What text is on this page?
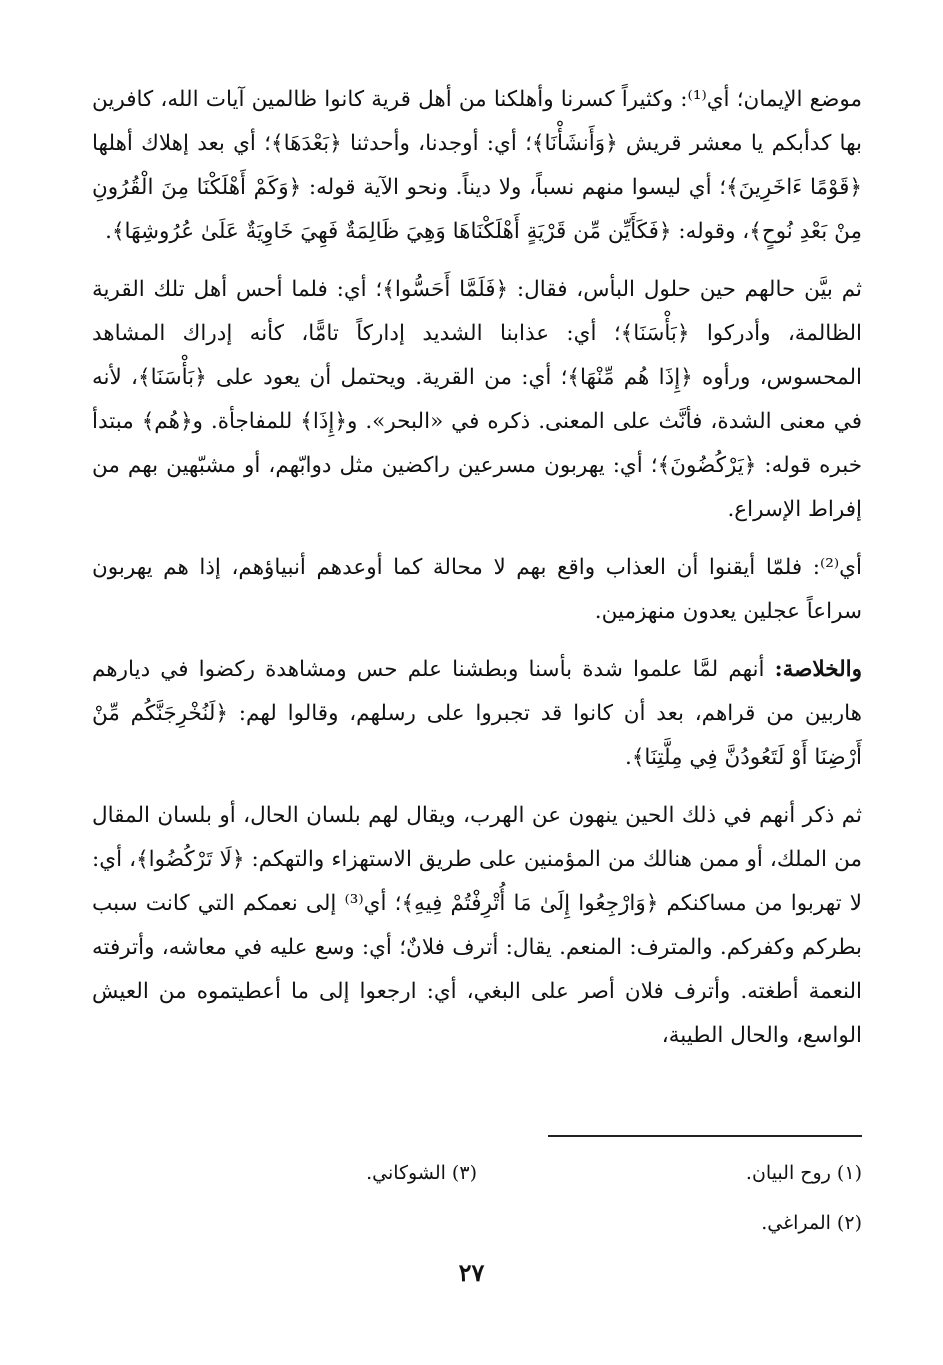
موضع الإيمان؛ أي⁽¹⁾: وكثيراً كسرنا وأهلكنا من أهل قرية كانوا ظالمين آيات الله، كافرين بها كدأبكم يا معشر قريش ﴿وَأَنشَأْنَا﴾؛ أي: أوجدنا، وأحدثنا ﴿بَعْدَهَا﴾؛ أي بعد إهلاك أهلها ﴿قَوْمًا ءَاخَرِينَ﴾؛ أي ليسوا منهم نسباً، ولا ديناً. ونحو الآية قوله: ﴿وَكَمْ أَهْلَكْنَا مِنَ الْقُرُونِ مِنْ بَعْدِ نُوحٍ﴾، وقوله: ﴿فَكَأَيِّن مِّن قَرْيَةٍ أَهْلَكْنَاهَا وَهِيَ ظَالِمَةٌ فَهِيَ خَاوِيَةٌ عَلَىٰ عُرُوشِهَا﴾.

ثم بيَّن حالهم حين حلول البأس، فقال: ﴿فَلَمَّا أَحَسُّوا﴾؛ أي: فلما أحس أهل تلك القرية الظالمة، وأدركوا ﴿بَأْسَنَا﴾؛ أي: عذابنا الشديد إداركاً تامًّا، كأنه إدراك المشاهد المحسوس، ورأوه ﴿إِذَا هُم مِّنْهَا﴾؛ أي: من القرية. ويحتمل أن يعود على ﴿بَأْسَنَا﴾، لأنه في معنى الشدة، فأنَّث على المعنى. ذكره في «البحر». و﴿إِذَا﴾ للمفاجأة. و﴿هُم﴾ مبتدأ خبره قوله: ﴿يَرْكُضُونَ﴾؛ أي: يهربون مسرعين راكضين مثل دوابّهم، أو مشبّهين بهم من إفراط الإسراع.

أي⁽²⁾: فلمّا أيقنوا أن العذاب واقع بهم لا محالة كما أوعدهم أنبياؤهم، إذا هم يهربون سراعاً عجلين يعدون منهزمين.

والخلاصة: أنهم لمَّا علموا شدة بأسنا وبطشنا علم حس ومشاهدة ركضوا في ديارهم هاربين من قراهم، بعد أن كانوا قد تجبروا على رسلهم، وقالوا لهم: ﴿لَنُخْرِجَنَّكُم مِّنْ أَرْضِنَا أَوْ لَتَعُودُنَّ فِي مِلَّتِنَا﴾.

ثم ذكر أنهم في ذلك الحين ينهون عن الهرب، ويقال لهم بلسان الحال، أو بلسان المقال من الملك، أو ممن هنالك من المؤمنين على طريق الاستهزاء والتهكم: ﴿لَا تَرْكُضُوا﴾، أي: لا تهربوا من مساكنكم ﴿وَارْجِعُوا إِلَىٰ مَا أُتْرِفْتُمْ فِيهِ﴾؛ أي⁽³⁾ إلى نعمكم التي كانت سبب بطركم وكفركم. والمترف: المنعم. يقال: أترف فلانٌ؛ أي: وسع عليه في معاشه، وأترفته النعمة أطغته. وأترف فلان أصر على البغي، أي: ارجعوا إلى ما أعطيتموه من العيش الواسع، والحال الطيبة،

(١) روح البيان.
(٣) الشوكاني.
(٢) المراغي.
٢٧
